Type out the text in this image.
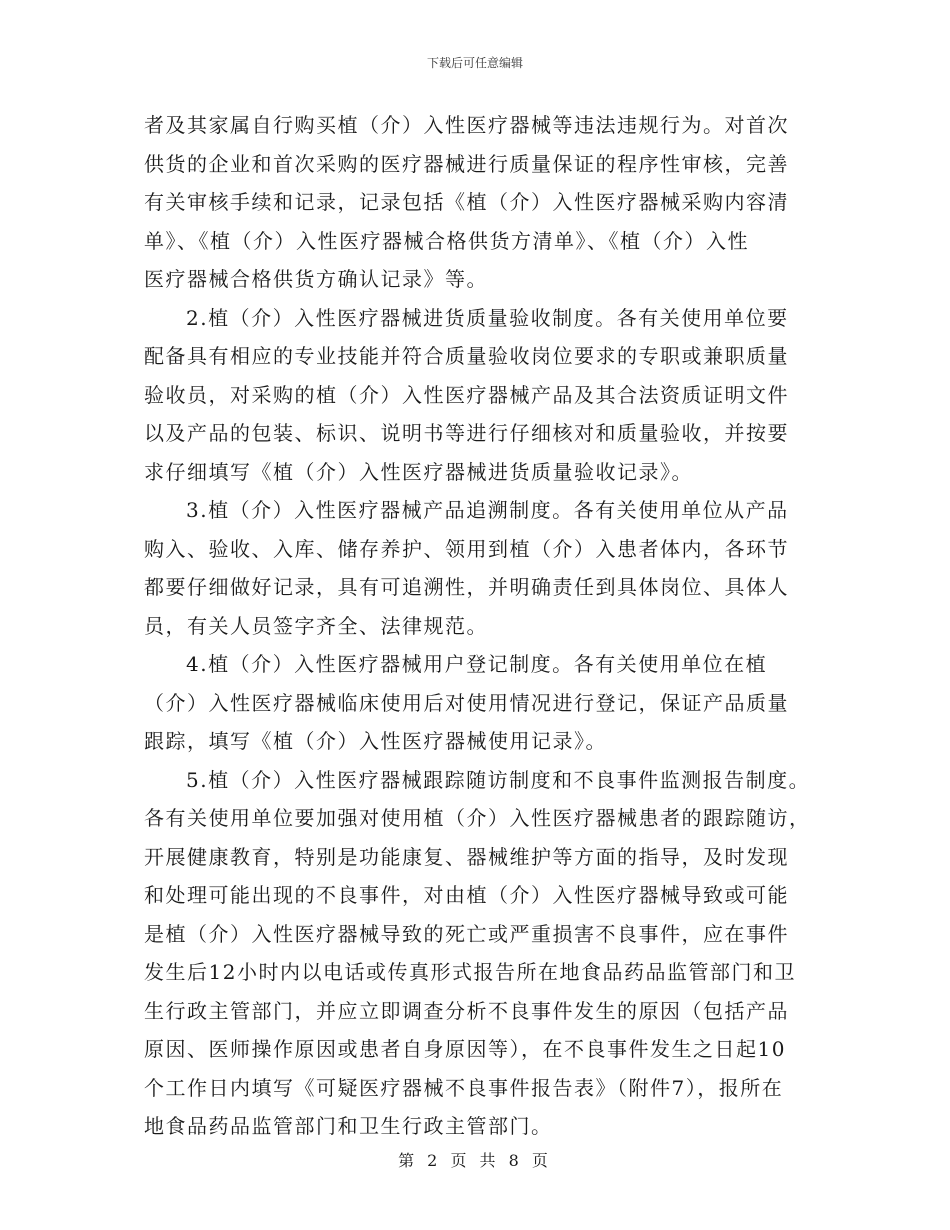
下载后可任意编辑
者及其家属自行购买植（介）入性医疗器械等违法违规行为。对首次
供货的企业和首次采购的医疗器械进行质量保证的程序性审核，完善
有关审核手续和记录，记录包括《植（介）入性医疗器械采购内容清
单》、《植（介）入性医疗器械合格供货方清单》、《植（介）入性
医疗器械合格供货方确认记录》等。
2.植（介）入性医疗器械进货质量验收制度。各有关使用单位要
配备具有相应的专业技能并符合质量验收岗位要求的专职或兼职质量
验收员，对采购的植（介）入性医疗器械产品及其合法资质证明文件
以及产品的包装、标识、说明书等进行仔细核对和质量验收，并按要
求仔细填写《植（介）入性医疗器械进货质量验收记录》。
3.植（介）入性医疗器械产品追溯制度。各有关使用单位从产品
购入、验收、入库、储存养护、领用到植（介）入患者体内，各环节
都要仔细做好记录，具有可追溯性，并明确责任到具体岗位、具体人
员，有关人员签字齐全、法律规范。
4.植（介）入性医疗器械用户登记制度。各有关使用单位在植
（介）入性医疗器械临床使用后对使用情况进行登记，保证产品质量
跟踪，填写《植（介）入性医疗器械使用记录》。
5.植（介）入性医疗器械跟踪随访制度和不良事件监测报告制度。
各有关使用单位要加强对使用植（介）入性医疗器械患者的跟踪随访，
开展健康教育，特别是功能康复、器械维护等方面的指导，及时发现
和处理可能出现的不良事件，对由植（介）入性医疗器械导致或可能
是植（介）入性医疗器械导致的死亡或严重损害不良事件，应在事件
发生后12小时内以电话或传真形式报告所在地食品药品监管部门和卫
生行政主管部门，并应立即调查分析不良事件发生的原因（包括产品
原因、医师操作原因或患者自身原因等），在不良事件发生之日起10
个工作日内填写《可疑医疗器械不良事件报告表》（附件7），报所在
地食品药品监管部门和卫生行政主管部门。
第 2 页 共 8 页
